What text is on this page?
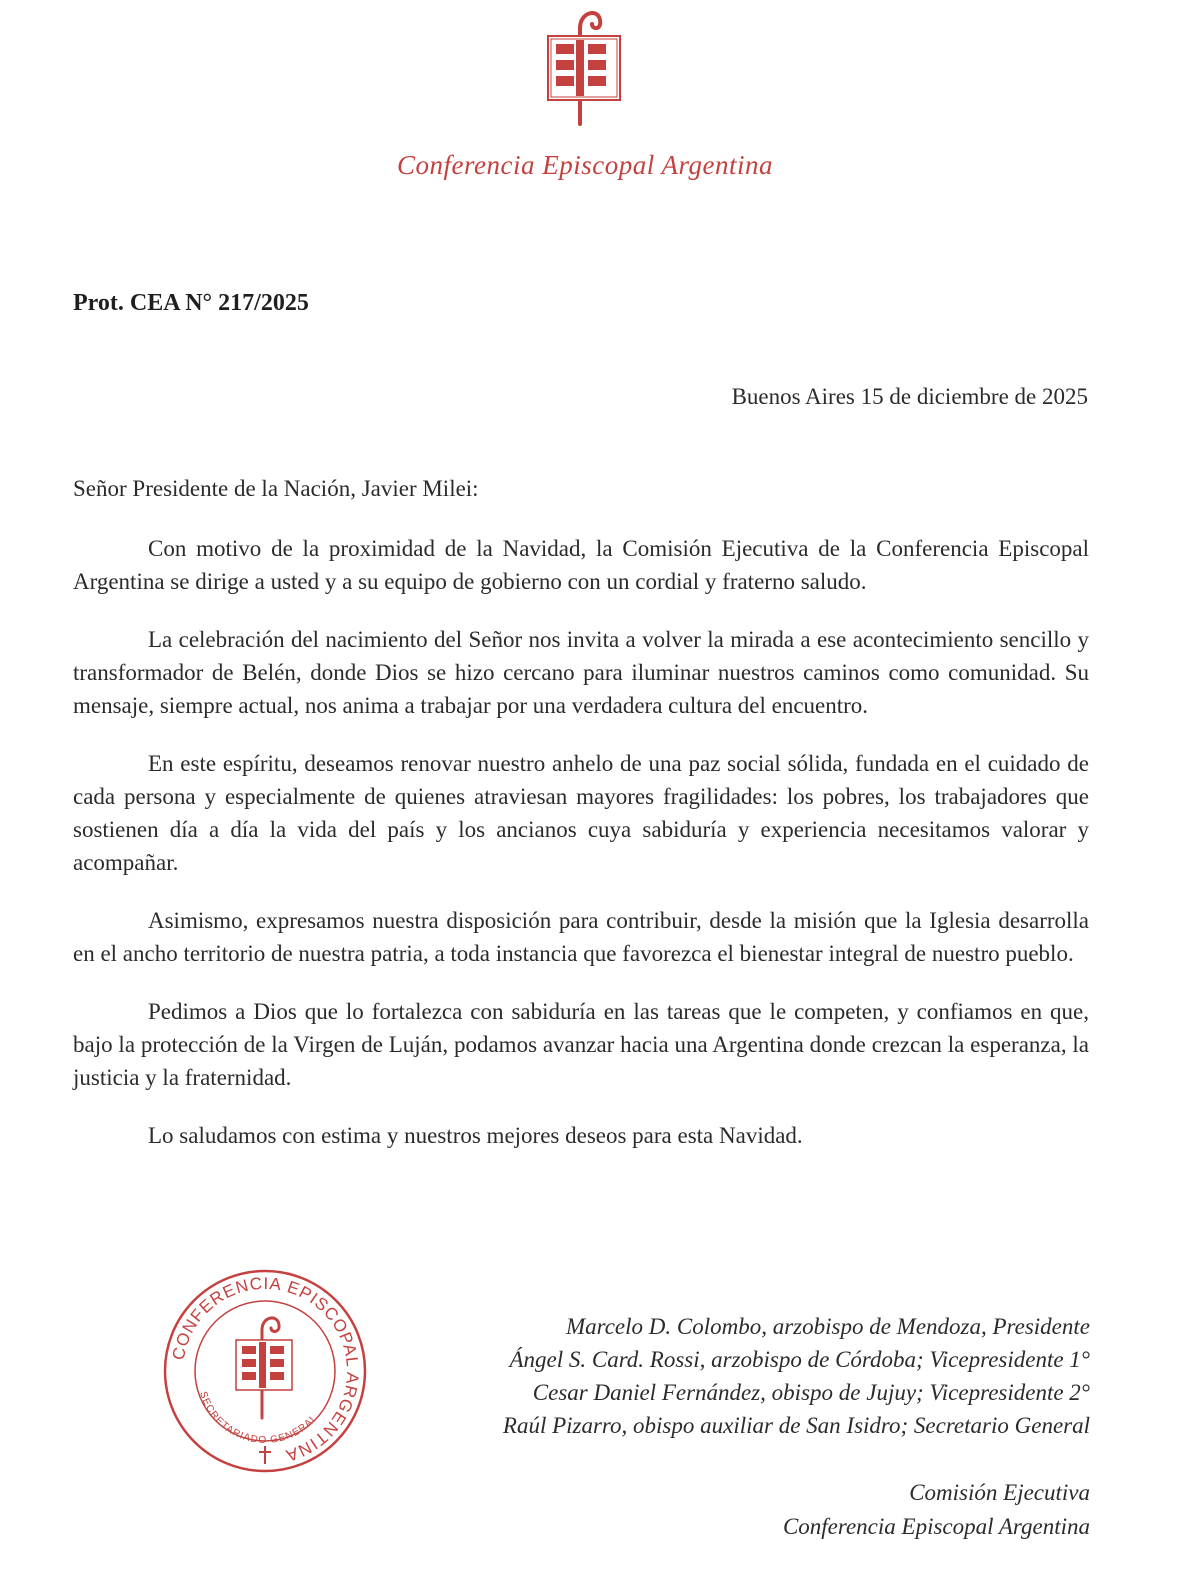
Conferencia Episcopal Argentina
Prot. CEA N° 217/2025
Buenos Aires 15 de diciembre de 2025
Señor Presidente de la Nación, Javier Milei:

Con motivo de la proximidad de la Navidad, la Comisión Ejecutiva de la Conferencia Episcopal Argentina se dirige a usted y a su equipo de gobierno con un cordial y fraterno saludo.

La celebración del nacimiento del Señor nos invita a volver la mirada a ese acontecimiento sencillo y transformador de Belén, donde Dios se hizo cercano para iluminar nuestros caminos como comunidad. Su mensaje, siempre actual, nos anima a trabajar por una verdadera cultura del encuentro.

En este espíritu, deseamos renovar nuestro anhelo de una paz social sólida, fundada en el cuidado de cada persona y especialmente de quienes atraviesan mayores fragilidades: los pobres, los trabajadores que sostienen día a día la vida del país y los ancianos cuya sabiduría y experiencia necesitamos valorar y acompañar.

Asimismo, expresamos nuestra disposición para contribuir, desde la misión que la Iglesia desarrolla en el ancho territorio de nuestra patria, a toda instancia que favorezca el bienestar integral de nuestro pueblo.

Pedimos a Dios que lo fortalezca con sabiduría en las tareas que le competen, y confiamos en que, bajo la protección de la Virgen de Luján, podamos avanzar hacia una Argentina donde crezcan la esperanza, la justicia y la fraternidad.

Lo saludamos con estima y nuestros mejores deseos para esta Navidad.

CONFERENCIA EPISCOPAL ARGENTINA
SECRETARIADO GENERAL
Marcelo D. Colombo, arzobispo de Mendoza, Presidente
Ángel S. Card. Rossi, arzobispo de Córdoba; Vicepresidente 1°
Cesar Daniel Fernández, obispo de Jujuy; Vicepresidente 2°
Raúl Pizarro, obispo auxiliar de San Isidro; Secretario General
Comisión Ejecutiva
Conferencia Episcopal Argentina
